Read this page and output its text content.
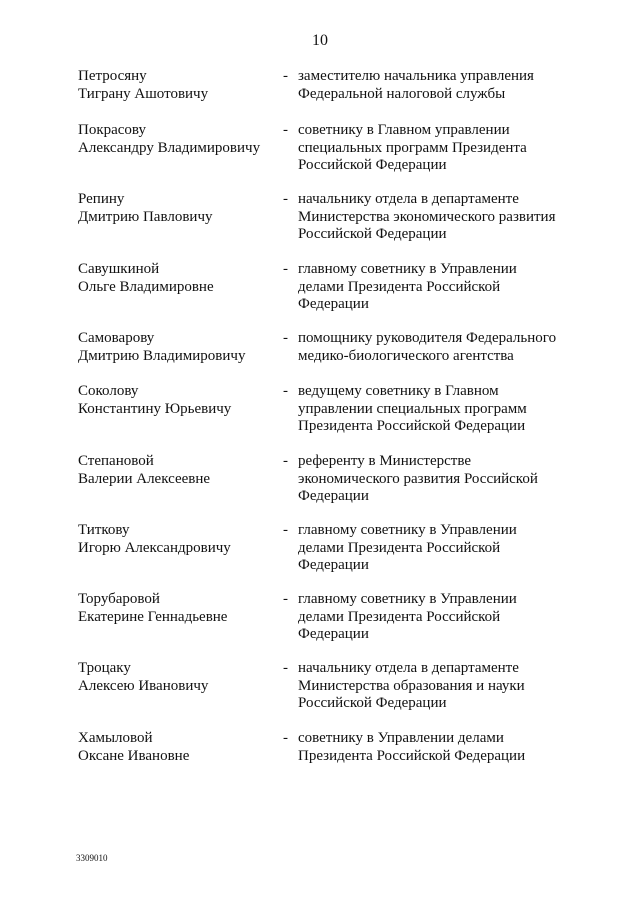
10
Петросяну
Тиграну Ашотовичу
- заместителю начальника управления
Федеральной налоговой службы
Покрасову
Александру Владимировичу
- советнику в Главном управлении
специальных программ Президента
Российской Федерации
Репину
Дмитрию Павловичу
- начальнику отдела в департаменте
Министерства экономического развития
Российской Федерации
Савушкиной
Ольге Владимировне
- главному советнику в Управлении
делами Президента Российской
Федерации
Самоварову
Дмитрию Владимировичу
- помощнику руководителя Федерального
медико-биологического агентства
Соколову
Константину Юрьевичу
- ведущему советнику в Главном
управлении специальных программ
Президента Российской Федерации
Степановой
Валерии Алексеевне
- референту в Министерстве
экономического развития Российской
Федерации
Титкову
Игорю Александровичу
- главному советнику в Управлении
делами Президента Российской
Федерации
Торубаровой
Екатерине Геннадьевне
- главному советнику в Управлении
делами Президента Российской
Федерации
Троцаку
Алексею Ивановичу
- начальнику отдела в департаменте
Министерства образования и науки
Российской Федерации
Хамыловой
Оксане Ивановне
- советнику в Управлении делами
Президента Российской Федерации
3309010
